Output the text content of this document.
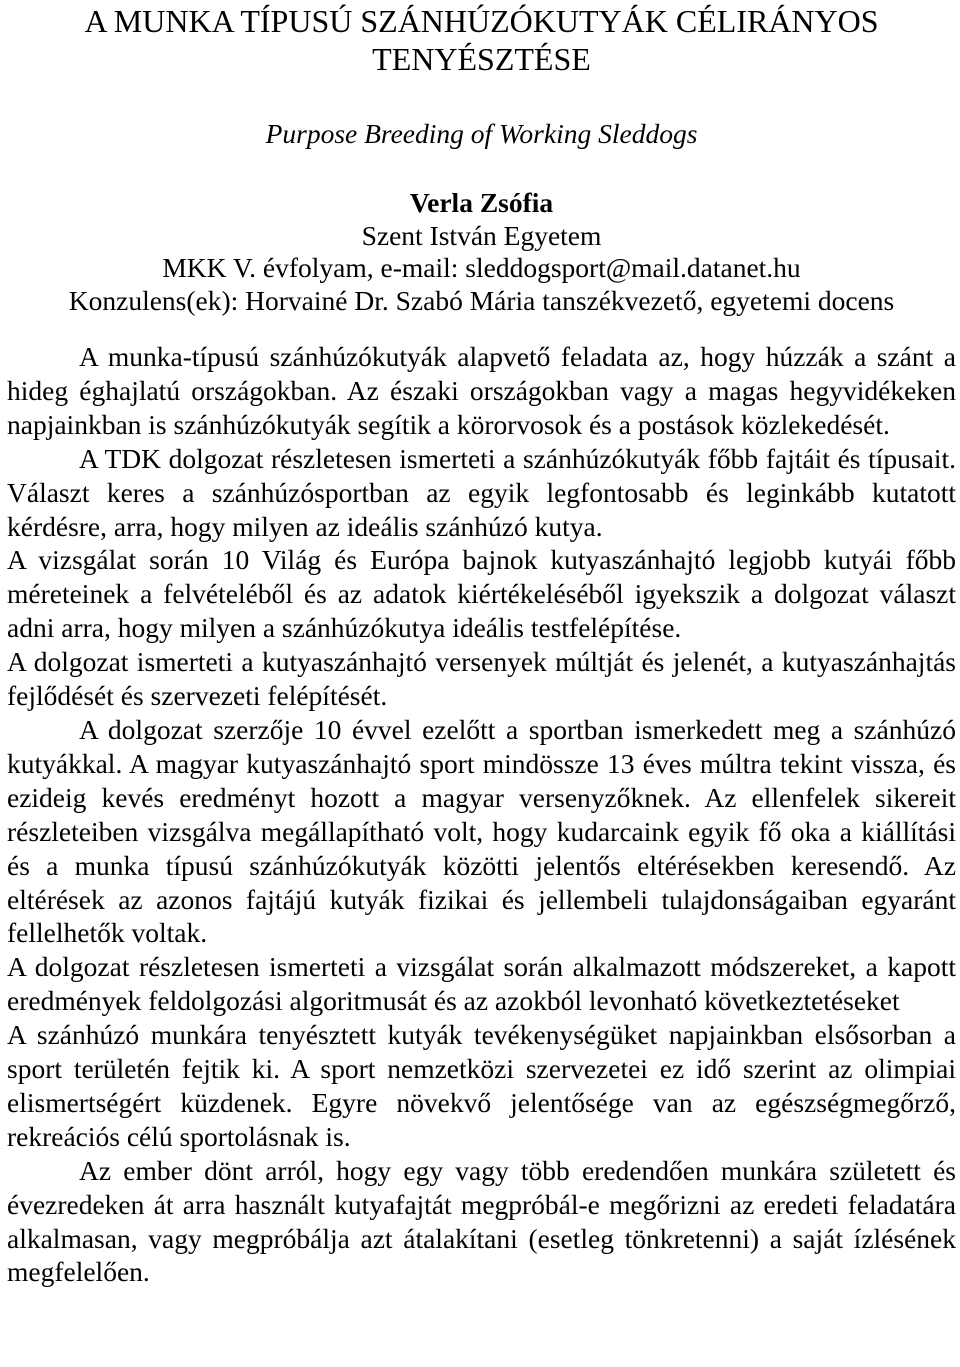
A MUNKA TÍPUSÚ SZÁNHÚZÓKUTYÁK CÉLIRÁNYOS
TENYÉSZTÉSE
Purpose Breeding of Working Sleddogs
Verla Zsófia
Szent István Egyetem
MKK V. évfolyam, e-mail: sleddogsport@mail.datanet.hu
Konzulens(ek): Horvainé Dr. Szabó Mária tanszékvezető, egyetemi docens

A munka-típusú szánhúzókutyák alapvető feladata az, hogy húzzák a szánt a hideg éghajlatú országokban. Az északi országokban vagy a magas hegyvidékeken napjainkban is szánhúzókutyák segítik a körorvosok és a postások közlekedését.

A TDK dolgozat részletesen ismerteti a szánhúzókutyák főbb fajtáit és típusait. Választ keres a szánhúzósportban az egyik legfontosabb és leginkább kutatott kérdésre, arra, hogy milyen az ideális szánhúzó kutya.

A vizsgálat során 10 Világ és Európa bajnok kutyaszánhajtó legjobb kutyái főbb méreteinek a felvételéből és az adatok kiértékeléséből igyekszik a dolgozat választ adni arra, hogy milyen a szánhúzókutya ideális testfelépítése.

A dolgozat ismerteti a kutyaszánhajtó versenyek múltját és jelenét, a kutyaszánhajtás fejlődését és szervezeti felépítését.

A dolgozat szerzője 10 évvel ezelőtt a sportban ismerkedett meg a szánhúzó kutyákkal. A magyar kutyaszánhajtó sport mindössze 13 éves múltra tekint vissza, és ezideig kevés eredményt hozott a magyar versenyzőknek. Az ellenfelek sikereit részleteiben vizsgálva megállapítható volt, hogy kudarcaink egyik fő oka a kiállítási és a munka típusú szánhúzókutyák közötti jelentős eltérésekben keresendő. Az eltérések az azonos fajtájú kutyák fizikai és jellembeli tulajdonságaiban egyaránt fellelhetők voltak.

A dolgozat részletesen ismerteti a vizsgálat során alkalmazott módszereket, a kapott eredmények feldolgozási algoritmusát és az azokból levonható következtetéseket

A szánhúzó munkára tenyésztett kutyák tevékenységüket napjainkban elsősorban a sport területén fejtik ki. A sport nemzetközi szervezetei ez idő szerint az olimpiai elismertségért küzdenek. Egyre növekvő jelentősége van az egészségmegőrző, rekreációs célú sportolásnak is.

Az ember dönt arról, hogy egy vagy több eredendően munkára született és évezredeken át arra használt kutyafajtát megpróbál-e megőrizni az eredeti feladatára alkalmasan, vagy megpróbálja azt átalakítani (esetleg tönkretenni) a saját ízlésének megfelelően.
